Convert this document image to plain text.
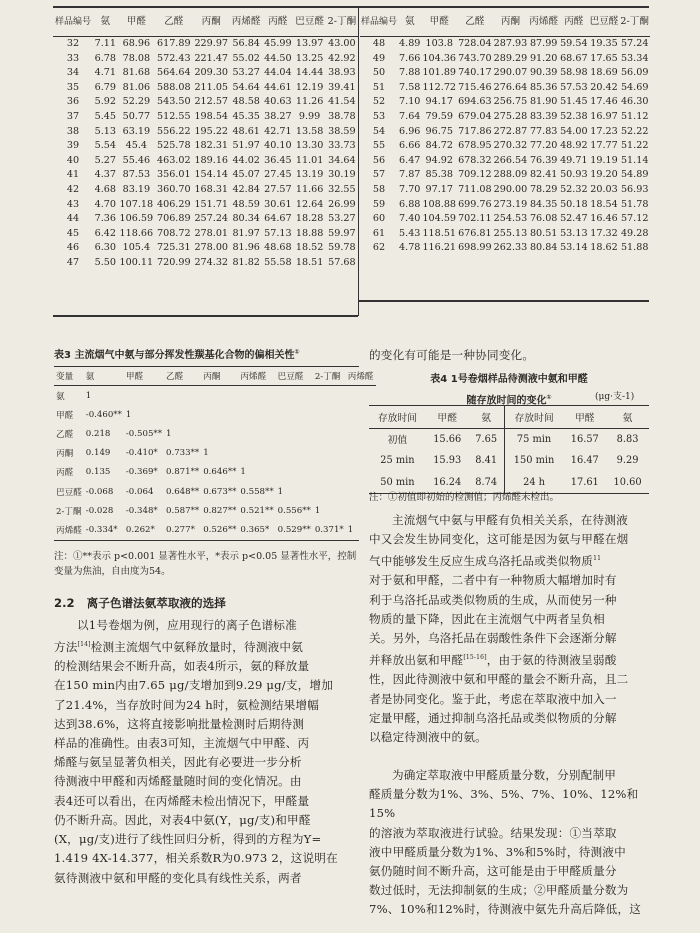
样品编号	氨	甲醛	乙醛	丙酮	丙烯醛	丙醛	巴豆醛	2-丁酮
32	7.11	68.96	617.89	229.97	56.84	45.99	13.97	43.00
33	6.78	78.08	572.43	221.47	55.02	44.50	13.25	42.92
34	4.71	81.68	564.64	209.30	53.27	44.04	14.44	38.93
35	6.79	81.06	588.08	211.05	54.64	44.61	12.19	39.41
36	5.92	52.29	543.50	212.57	48.58	40.63	11.26	41.54
37	5.45	50.77	512.55	198.54	45.35	38.27	9.99	38.78
38	5.13	63.19	556.22	195.22	48.61	42.71	13.58	38.59
39	5.54	45.4	525.78	182.31	51.97	40.10	13.30	33.73
40	5.27	55.46	463.02	189.16	44.02	36.45	11.01	34.64
41	4.37	87.53	356.01	154.14	45.07	27.45	13.19	30.19
42	4.68	83.19	360.70	168.31	42.84	27.57	11.66	32.55
43	4.70	107.18	406.29	151.71	48.59	30.61	12.64	26.99
44	7.36	106.59	706.89	257.24	80.34	64.67	18.28	53.27
45	6.42	118.66	708.72	278.01	81.97	57.13	18.88	59.97
46	6.30	105.4	725.31	278.00	81.96	48.68	18.52	59.78
47	5.50	100.11	720.99	274.32	81.82	55.58	18.51	57.68
样品编号	氨	甲醛	乙醛	丙酮	丙烯醛	丙醛	巴豆醛	2-丁酮
48	4.89	103.8	728.04	287.93	87.99	59.54	19.35	57.24
49	7.66	104.36	743.70	289.29	91.20	68.67	17.65	53.34
50	7.88	101.89	740.17	290.07	90.39	58.98	18.69	56.09
51	7.58	112.72	715.46	276.64	85.36	57.53	20.42	54.69
52	7.10	94.17	694.63	256.75	81.90	51.45	17.46	46.30
53	7.64	79.59	679.04	275.28	83.39	52.38	16.97	51.12
54	6.96	96.75	717.86	272.87	77.83	54.00	17.23	52.22
55	6.66	84.72	678.95	270.32	77.20	48.92	17.77	51.22
56	6.47	94.92	678.32	266.54	76.39	49.71	19.19	51.14
57	7.87	85.38	709.12	288.09	82.41	50.93	19.20	54.89
58	7.70	97.17	711.08	290.00	78.29	52.32	20.03	56.93
59	6.88	108.88	699.76	273.19	84.35	50.18	18.54	51.78
60	7.40	104.59	702.11	254.53	76.08	52.47	16.46	57.12
61	5.43	118.51	676.81	255.13	80.51	53.13	17.32	49.28
62	4.78	116.21	698.99	262.33	80.84	53.14	18.62	51.88
表3 主流烟气中氨与部分挥发性羰基化合物的偏相关性①
变量	氨	甲醛	乙醛	丙酮	丙烯醛	巴豆醛	2-丁酮	丙烯醛
氨	1							
甲醛	-0.460**	1						
乙醛	0.218	-0.505**	1					
丙酮	0.149	-0.410*	0.733**	1				
丙醛	0.135	-0.369*	0.871**	0.646**	1			
巴豆醛	-0.068	-0.064	0.648**	0.673**	0.558**	1		
2-丁酮	-0.028	-0.348*	0.587**	0.827**	0.521**	0.556**	1	
丙烯醛	-0.334*	0.262*	0.277*	0.526**	0.365*	0.529**	0.371*	1
注：①**表示 p<0.001 显著性水平，*表示 p<0.05 显著性水平，控制变量为焦油，自由度为54。
2.2 离子色谱法氨萃取液的选择
以1号卷烟为例，应用现行的离子色谱标准
方法[14]检测主流烟气中氨释放量时，待测液中氨
的检测结果会不断升高，如表4所示，氨的释放量
在150 min内由7.65 μg/支增加到9.29 μg/支，增加
了21.4%，当存放时间为24 h时，氨检测结果增幅
达到38.6%，这将直接影响批量检测时后期待测
样品的准确性。由表3可知，主流烟气中甲醛、丙
烯醛与氨呈显著负相关，因此有必要进一步分析
待测液中甲醛和丙烯醛量随时间的变化情况。由
表4还可以看出，在丙烯醛未检出情况下，甲醛量
仍不断升高。因此，对表4中氨(Y，μg/支)和甲醛
(X，μg/支)进行了线性回归分析，得到的方程为Y=
1.419 4X-14.377，相关系数R为0.973 2，这说明在
氨待测液中氨和甲醛的变化具有线性关系，两者
的变化有可能是一种协同变化。
表4 1号卷烟样品待测液中氨和甲醛
随存放时间的变化①	(μg·支-1)
存放时间	甲醛	氨	存放时间	甲醛	氨
初值	15.66	7.65	75 min	16.57	8.83
25 min	15.93	8.41	150 min	16.47	9.29
50 min	16.24	8.74	24 h	17.61	10.60
注：①初值即初始的检测值；丙烯醛未检出。
主流烟气中氨与甲醛有负相关关系，在待测液
中又会发生协同变化，这可能是因为氨与甲醛在烟
气中能够发生反应生成乌洛托品或类似物质$^{11}$
对于氨和甲醛，二者中有一种物质大幅增加时有
利于乌洛托品或类似物质的生成，从而使另一种
物质的量下降，因此在主流烟气中两者呈负相
关。另外，乌洛托品在弱酸性条件下会逐渐分解
并释放出氨和甲醛[15-16]，由于氨的待测液呈弱酸
性，因此待测液中氨和甲醛的量会不断升高，且二
者是协同变化。鉴于此，考虑在萃取液中加入一
定量甲醛，通过抑制乌洛托品或类似物质的分解
以稳定待测液中的氨。
为确定萃取液中甲醛质量分数，分别配制甲
醛质量分数为1%、3%、5%、7%、10%、12%和15%
的溶液为萃取液进行试验。结果发现：①当萃取
液中甲醛质量分数为1%、3%和5%时，待测液中
氨仍随时间不断升高，这可能是由于甲醛质量分
数过低时，无法抑制氨的生成；②甲醛质量分数为
7%、10%和12%时，待测液中氨先升高后降低，这
